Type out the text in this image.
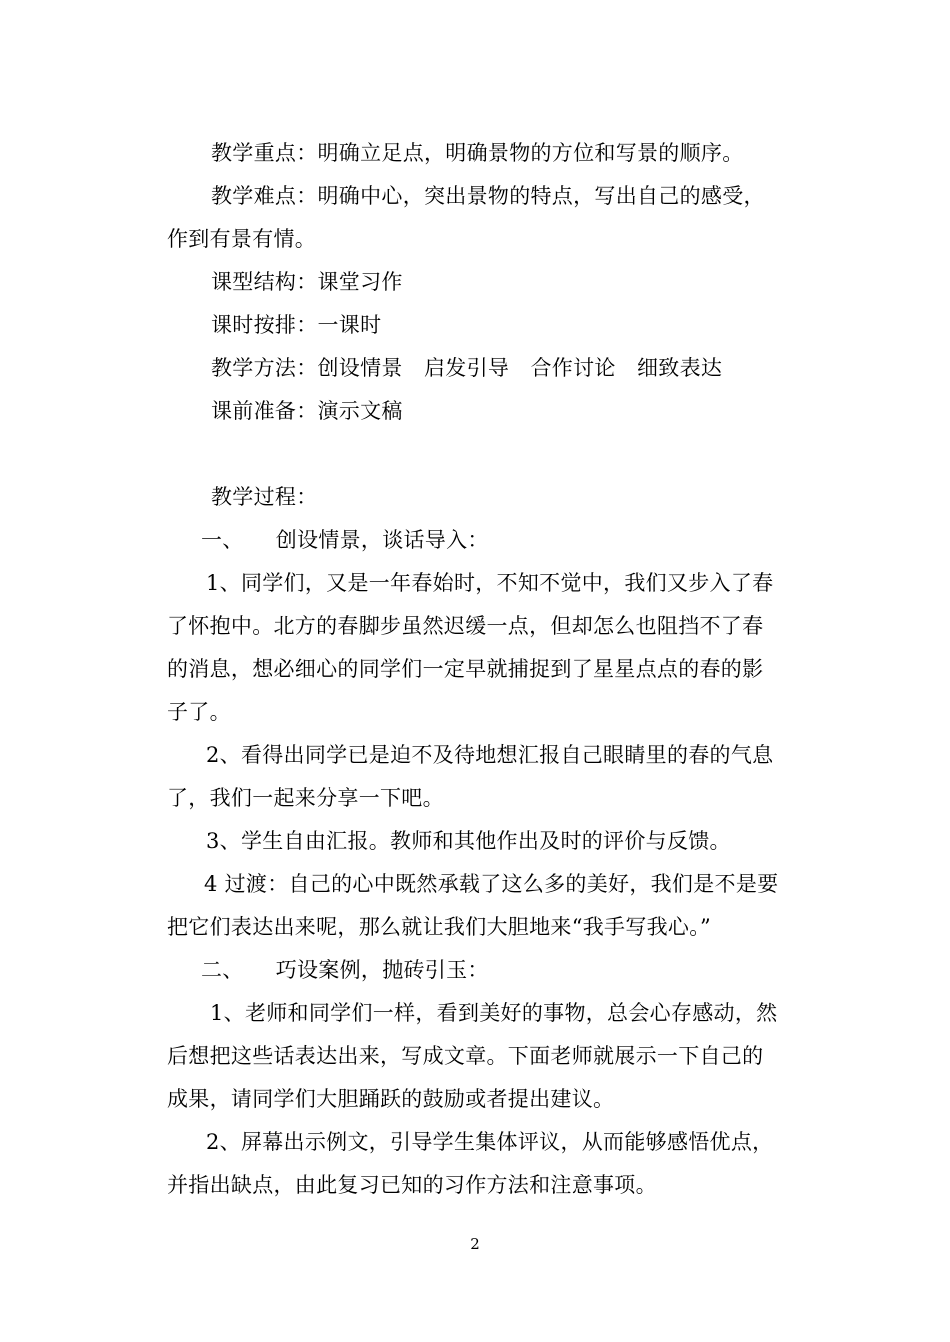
教学重点：明确立足点，明确景物的方位和写景的顺序。
教学难点：明确中心，突出景物的特点，写出自己的感受，
作到有景有情。
课型结构：课堂习作
课时按排：一课时
教学方法：创设情景　启发引导　合作讨论　细致表达
课前准备：演示文稿
教学过程：
一、　　创设情景，谈话导入：
1、同学们，又是一年春始时，不知不觉中，我们又步入了春
了怀抱中。北方的春脚步虽然迟缓一点，但却怎么也阻挡不了春
的消息，想必细心的同学们一定早就捕捉到了星星点点的春的影
子了。
2、看得出同学已是迫不及待地想汇报自己眼睛里的春的气息
了，我们一起来分享一下吧。
3、学生自由汇报。教师和其他作出及时的评价与反馈。
4 过渡：自己的心中既然承载了这么多的美好，我们是不是要
把它们表达出来呢，那么就让我们大胆地来“我手写我心。”
二、　　巧设案例，抛砖引玉：
1、老师和同学们一样，看到美好的事物，总会心存感动，然
后想把这些话表达出来，写成文章。下面老师就展示一下自己的
成果，请同学们大胆踊跃的鼓励或者提出建议。
2、屏幕出示例文，引导学生集体评议，从而能够感悟优点，
并指出缺点，由此复习已知的习作方法和注意事项。
2
